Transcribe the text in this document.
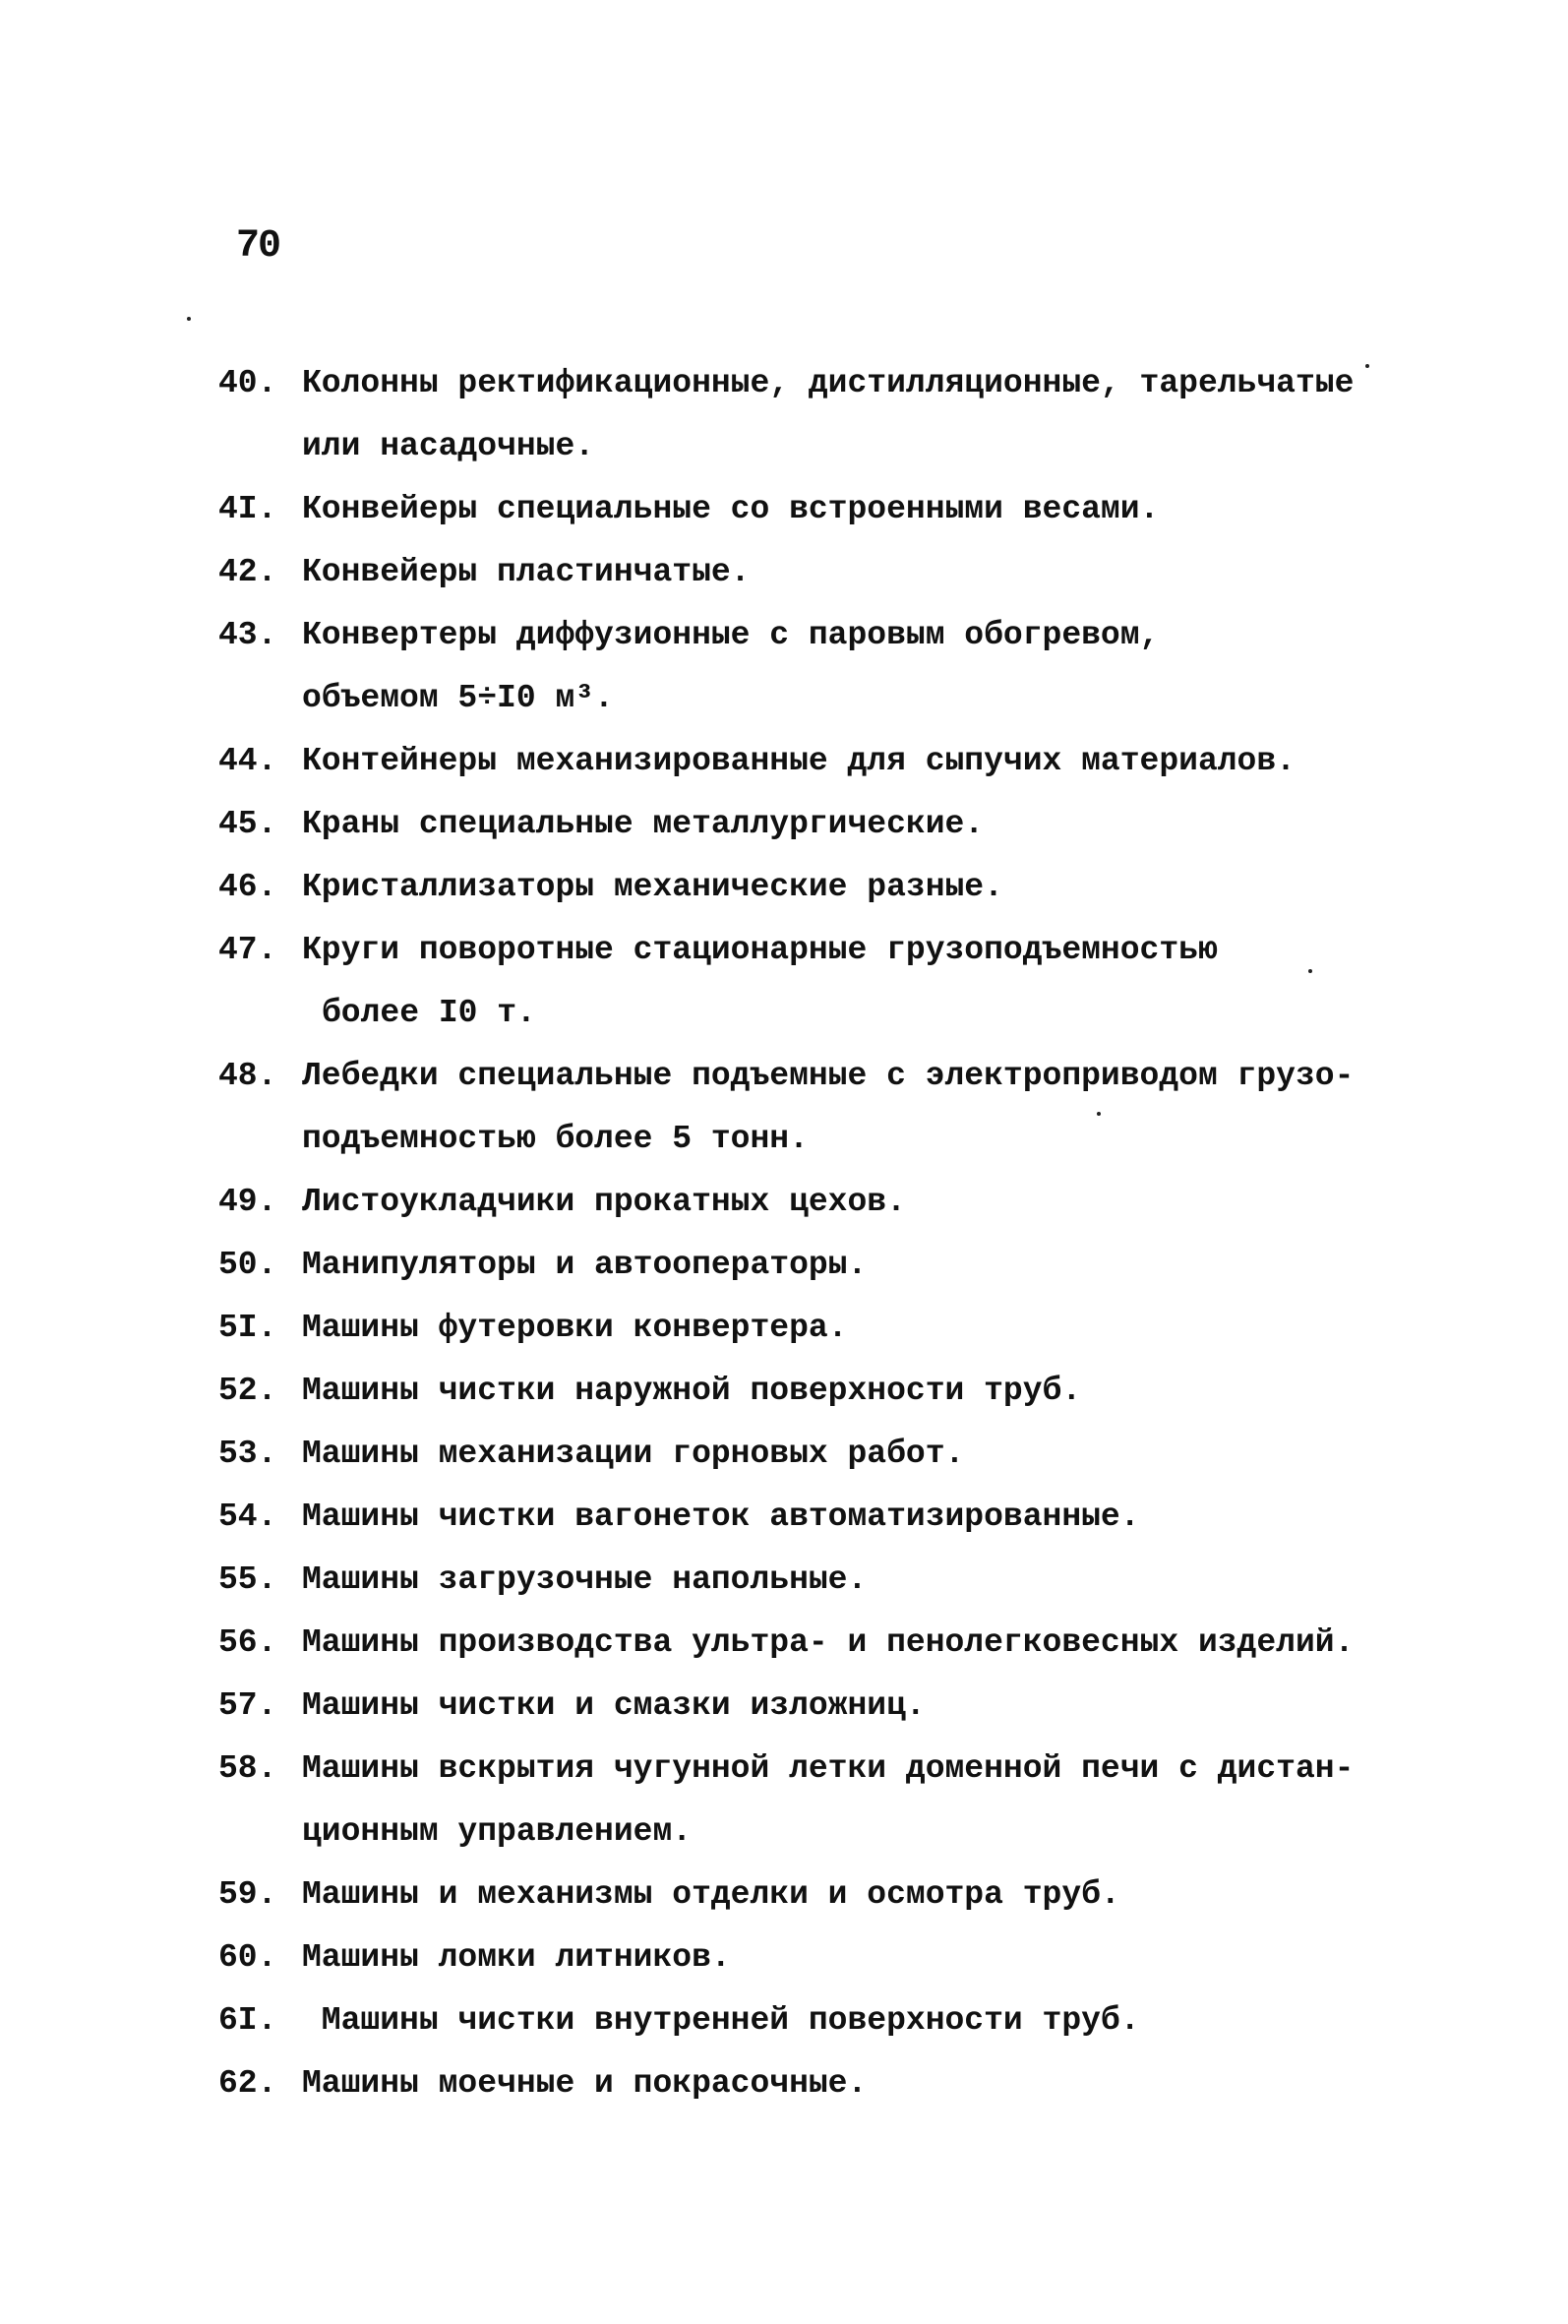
70
40. Колонны ректификационные, дистилляционные, тарельчатые
или насадочные.
4I. Конвейеры специальные со встроенными весами.
42. Конвейеры пластинчатые.
43. Конвертеры диффузионные с паровым обогревом,
объемом 5÷I0 м³.
44. Контейнеры механизированные для сыпучих материалов.
45. Краны специальные металлургические.
46. Кристаллизаторы механические разные.
47. Круги поворотные стационарные грузоподъемностью
более I0 т.
48. Лебедки специальные подъемные с электроприводом грузо-
подъемностью более 5 тонн.
49. Листоукладчики прокатных цехов.
50. Манипуляторы и автооператоры.
5I. Машины футеровки конвертера.
52. Машины чистки наружной поверхности труб.
53. Машины механизации горновых работ.
54. Машины чистки вагонеток автоматизированные.
55. Машины загрузочные напольные.
56. Машины производства ультра- и пенолегковесных изделий.
57. Машины чистки и смазки изложниц.
58. Машины вскрытия чугунной летки доменной печи с дистан-
ционным управлением.
59. Машины и механизмы отделки и осмотра труб.
60. Машины ломки литников.
6I. Машины чистки внутренней поверхности труб.
62. Машины моечные и покрасочные.
